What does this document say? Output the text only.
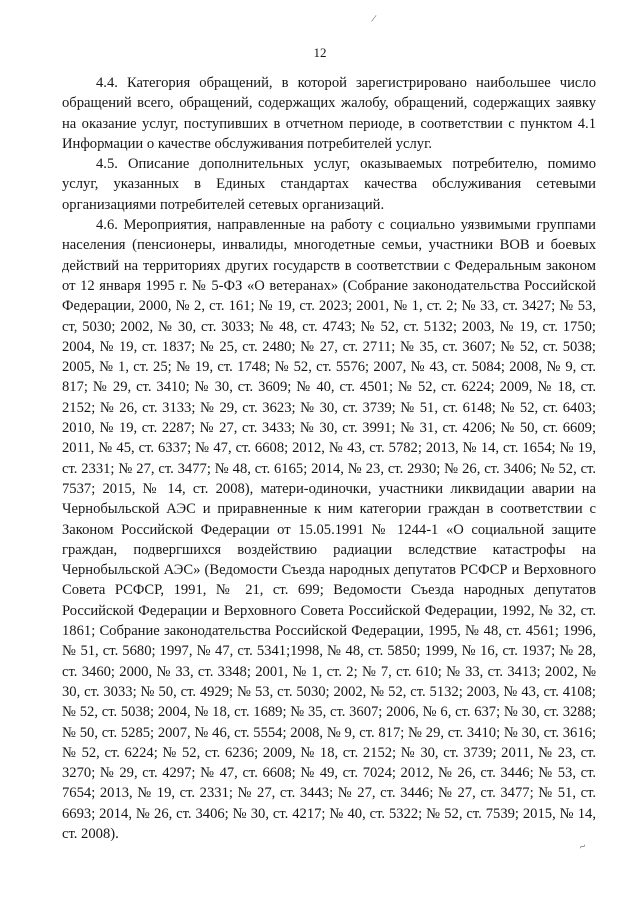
/
12

4.4. Категория обращений, в которой зарегистрировано наибольшее число обращений всего, обращений, содержащих жалобу, обращений, содержащих заявку на оказание услуг, поступивших в отчетном периоде, в соответствии с пунктом 4.1 Информации о качестве обслуживания потребителей услуг.

4.5. Описание дополнительных услуг, оказываемых потребителю, помимо услуг, указанных в Единых стандартах качества обслуживания сетевыми организациями потребителей сетевых организаций.

4.6. Мероприятия, направленные на работу с социально уязвимыми группами населения (пенсионеры, инвалиды, многодетные семьи, участники ВОВ и боевых действий на территориях других государств в соответствии с Федеральным законом от 12 января 1995 г. № 5-ФЗ «О ветеранах» (Собрание законодательства Российской Федерации, 2000, № 2, ст. 161; № 19, ст. 2023; 2001, № 1, ст. 2; № 33, ст. 3427; № 53, ст, 5030; 2002, № 30, ст. 3033; № 48, ст. 4743; № 52, ст. 5132; 2003, № 19, ст. 1750; 2004, № 19, ст. 1837; № 25, ст. 2480; № 27, ст. 2711; № 35, ст. 3607; № 52, ст. 5038; 2005, № 1, ст. 25; № 19, ст. 1748; № 52, ст. 5576; 2007, № 43, ст. 5084; 2008, № 9, ст. 817; № 29, ст. 3410; № 30, ст. 3609; № 40, ст. 4501; № 52, ст. 6224; 2009, № 18, ст. 2152; № 26, ст. 3133; № 29, ст. 3623; № 30, ст. 3739; № 51, ст. 6148; № 52, ст. 6403; 2010, № 19, ст. 2287; № 27, ст. 3433; № 30, ст. 3991; № 31, ст. 4206; № 50, ст. 6609; 2011, № 45, ст. 6337; № 47, ст. 6608; 2012, № 43, ст. 5782; 2013, № 14, ст. 1654; № 19, ст. 2331; № 27, ст. 3477; № 48, ст. 6165; 2014, № 23, ст. 2930; № 26, ст. 3406; № 52, ст. 7537; 2015, № 14, ст. 2008), матери-одиночки, участники ликвидации аварии на Чернобыльской АЭС и приравненные к ним категории граждан в соответствии с Законом Российской Федерации от 15.05.1991 № 1244-1 «О социальной защите граждан, подвергшихся воздействию радиации вследствие катастрофы на Чернобыльской АЭС» (Ведомости Съезда народных депутатов РСФСР и Верховного Совета РСФСР, 1991, № 21, ст. 699; Ведомости Съезда народных депутатов Российской Федерации и Верховного Совета Российской Федерации, 1992, № 32, ст. 1861; Собрание законодательства Российской Федерации, 1995, № 48, ст. 4561; 1996, № 51, ст. 5680; 1997, № 47, ст. 5341;1998, № 48, ст. 5850; 1999, № 16, ст. 1937; № 28, ст. 3460; 2000, № 33, ст. 3348; 2001, № 1, ст. 2; № 7, ст. 610; № 33, ст. 3413; 2002, № 30, ст. 3033; № 50, ст. 4929; № 53, ст. 5030; 2002, № 52, ст. 5132; 2003, № 43, ст. 4108; № 52, ст. 5038; 2004, № 18, ст. 1689; № 35, ст. 3607; 2006, № 6, ст. 637; № 30, ст. 3288; № 50, ст. 5285; 2007, № 46, ст. 5554; 2008, № 9, ст. 817; № 29, ст. 3410; № 30, ст. 3616; № 52, ст. 6224; № 52, ст. 6236; 2009, № 18, ст. 2152; № 30, ст. 3739; 2011, № 23, ст. 3270; № 29, ст. 4297; № 47, ст. 6608; № 49, ст. 7024; 2012, № 26, ст. 3446; № 53, ст. 7654; 2013, № 19, ст. 2331; № 27, ст. 3443; № 27, ст. 3446; № 27, ст. 3477; № 51, ст. 6693; 2014, № 26, ст. 3406; № 30, ст. 4217; № 40, ст. 5322; № 52, ст. 7539; 2015, № 14, ст. 2008).

~
